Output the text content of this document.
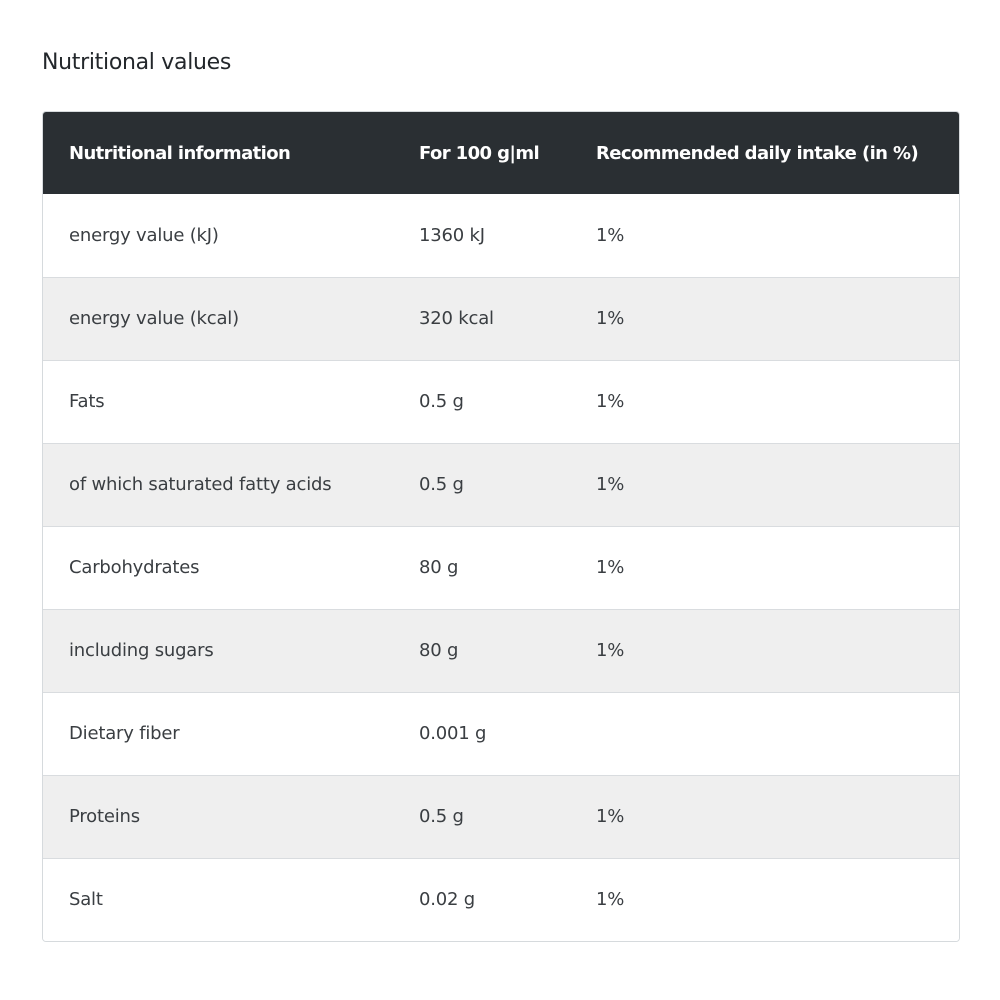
Nutritional values
Nutritional information	For 100 g|ml	Recommended daily intake (in %)
energy value (kJ)	1360 kJ	1%
energy value (kcal)	320 kcal	1%
Fats	0.5 g	1%
of which saturated fatty acids	0.5 g	1%
Carbohydrates	80 g	1%
including sugars	80 g	1%
Dietary fiber	0.001 g	
Proteins	0.5 g	1%
Salt	0.02 g	1%
